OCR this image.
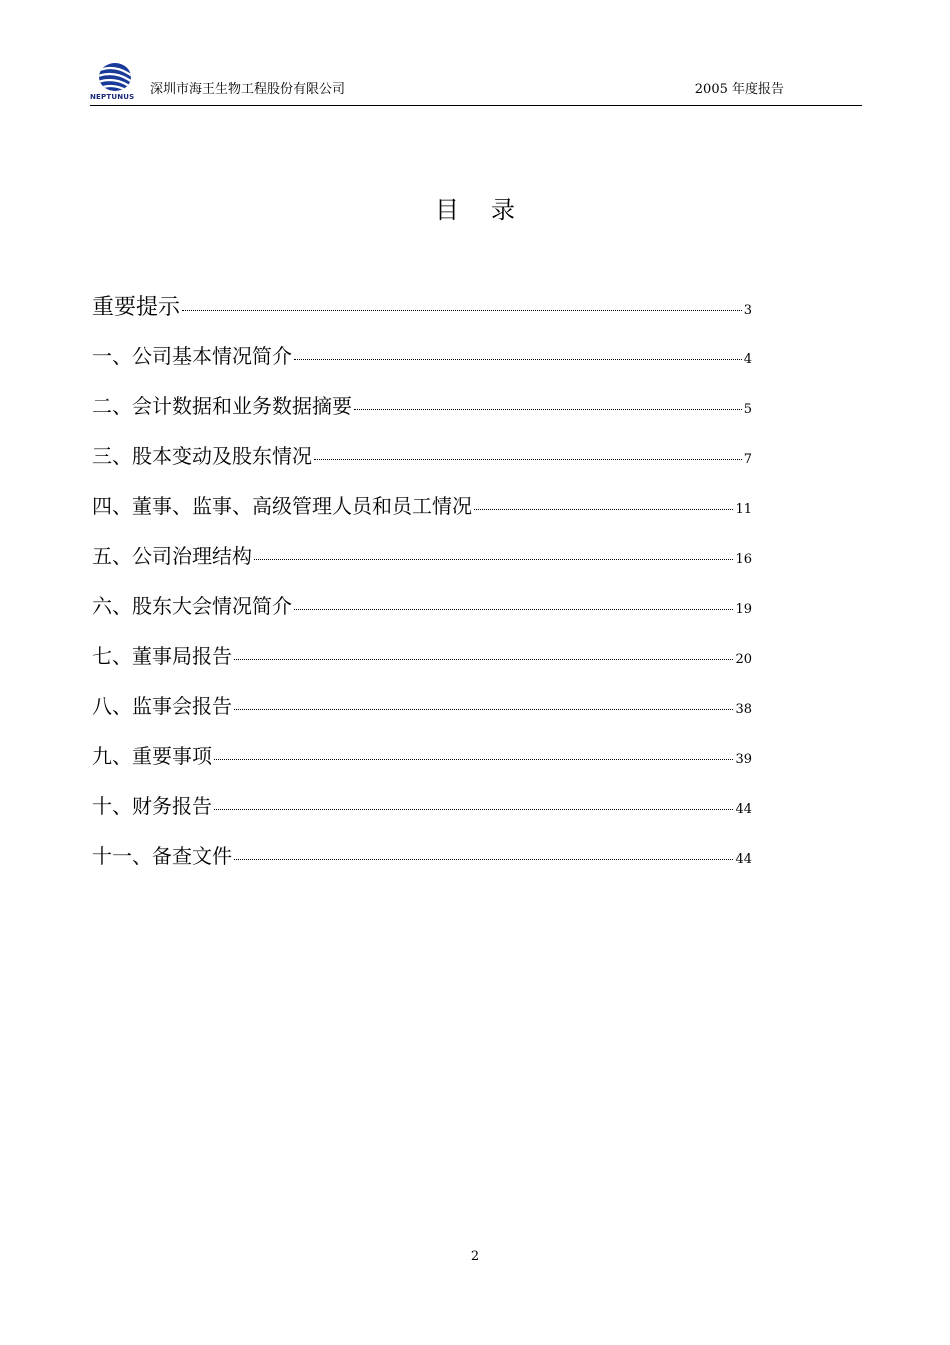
NEPTUNUS 深圳市海王生物工程股份有限公司	2005 年度报告
目录
重要提示	3
一、公司基本情况简介	4
二、会计数据和业务数据摘要	5
三、股本变动及股东情况	7
四、董事、监事、高级管理人员和员工情况	11
五、公司治理结构	16
六、股东大会情况简介	19
七、董事局报告	20
八、监事会报告	38
九、重要事项	39
十、财务报告	44
十一、备查文件	44
2
